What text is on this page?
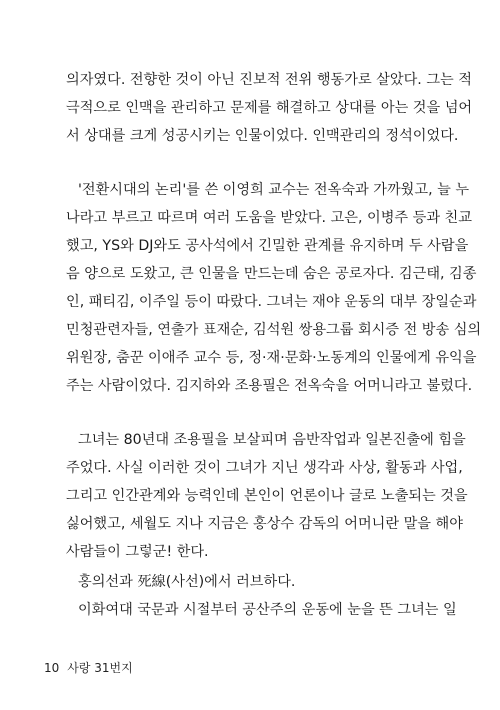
의자였다. 전향한 것이 아닌 진보적 전위 행동가로 살았다. 그는 적
극적으로 인맥을 관리하고 문제를 해결하고 상대를 아는 것을 넘어
서 상대를 크게 성공시키는 인물이었다. 인맥관리의 정석이었다.
'전환시대의 논리'를 쓴 이영희 교수는 전옥숙과 가까웠고, 늘 누
나라고 부르고 따르며 여러 도움을 받았다. 고은, 이병주 등과 친교
했고, YS와 DJ와도 공사석에서 긴밀한 관계를 유지하며 두 사람을
음 양으로 도왔고, 큰 인물을 만드는데 숨은 공로자다. 김근태, 김종
인, 패티김, 이주일 등이 따랐다. 그녀는 재야 운동의 대부 장일순과
민청관련자들, 연출가 표재순, 김석원 쌍용그룹 회시증 전 방송 심의
위원장, 춤꾼 이애주 교수 등, 정·재·문화·노동계의 인물에게 유익을
주는 사람이었다. 김지하와 조용필은 전옥숙을 어머니라고 불렀다.
그녀는 80년대 조용필을 보살피며 음반작업과 일본진출에 힘을
주었다. 사실 이러한 것이 그녀가 지닌 생각과 사상, 활동과 사업,
그리고 인간관계와 능력인데 본인이 언론이나 글로 노출되는 것을
싫어했고, 세월도 지나 지금은 홍상수 감독의 어머니란 말을 해야
사람들이 그렇군! 한다.
홍의선과 死線(사선)에서 러브하다.
이화여대 국문과 시절부터 공산주의 운동에 눈을 뜬 그녀는 일
10 사랑 31번지
